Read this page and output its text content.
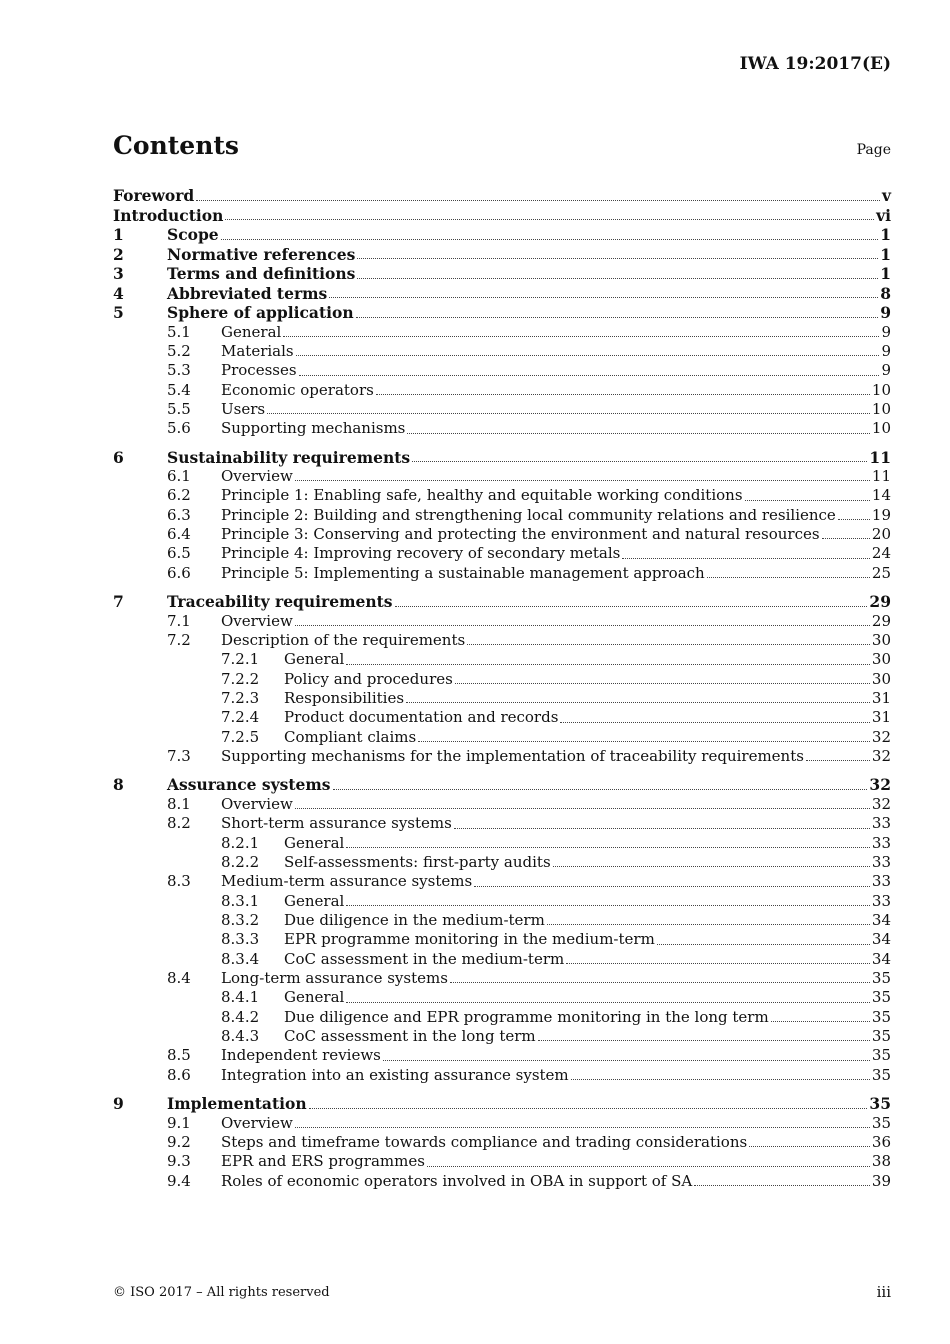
IWA 19:2017(E)
Contents	Page
Foreword	v
Introduction	vi
1	Scope	1
2	Normative references	1
3	Terms and definitions	1
4	Abbreviated terms	8
5	Sphere of application	9
5.1	General	9
5.2	Materials	9
5.3	Processes	9
5.4	Economic operators	10
5.5	Users	10
5.6	Supporting mechanisms	10
6	Sustainability requirements	11
6.1	Overview	11
6.2	Principle 1: Enabling safe, healthy and equitable working conditions	14
6.3	Principle 2: Building and strengthening local community relations and resilience 19
6.4	Principle 3: Conserving and protecting the environment and natural resources	20
6.5	Principle 4: Improving recovery of secondary metals	24
6.6	Principle 5: Implementing a sustainable management approach	25
7	Traceability requirements	29
7.1	Overview	29
7.2	Description of the requirements	30
7.2.1	General	30
7.2.2	Policy and procedures	30
7.2.3	Responsibilities	31
7.2.4	Product documentation and records	31
7.2.5	Compliant claims	32
7.3	Supporting mechanisms for the implementation of traceability requirements	32
8	Assurance systems	32
8.1	Overview	32
8.2	Short-term assurance systems	33
8.2.1	General	33
8.2.2	Self-assessments: first-party audits	33
8.3	Medium-term assurance systems	33
8.3.1	General	33
8.3.2	Due diligence in the medium-term	34
8.3.3	EPR programme monitoring in the medium-term	34
8.3.4	CoC assessment in the medium-term	34
8.4	Long-term assurance systems	35
8.4.1	General	35
8.4.2	Due diligence and EPR programme monitoring in the long term	35
8.4.3	CoC assessment in the long term	35
8.5	Independent reviews	35
8.6	Integration into an existing assurance system	35
9	Implementation	35
9.1	Overview	35
9.2	Steps and timeframe towards compliance and trading considerations	36
9.3	EPR and ERS programmes	38
9.4	Roles of economic operators involved in OBA in support of SA	39
© ISO 2017 – All rights reserved	iii
